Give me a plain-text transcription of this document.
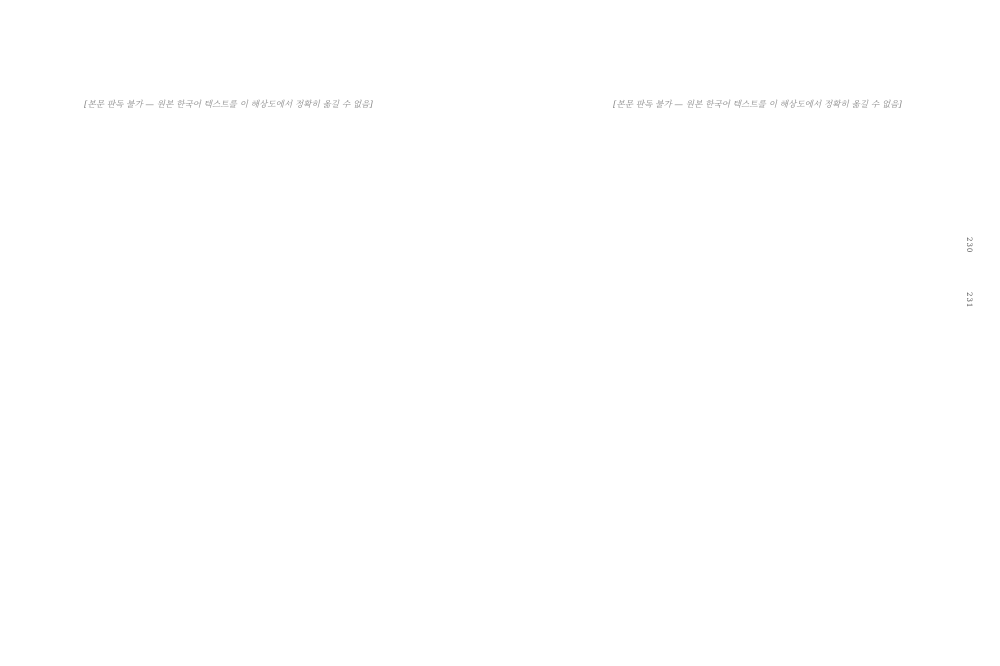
[본문 판독 불가 — 원본 한국어 텍스트를 이 해상도에서 정확히 옮길 수 없음]	[본문 판독 불가 — 원본 한국어 텍스트를 이 해상도에서 정확히 옮길 수 없음]

230
231
